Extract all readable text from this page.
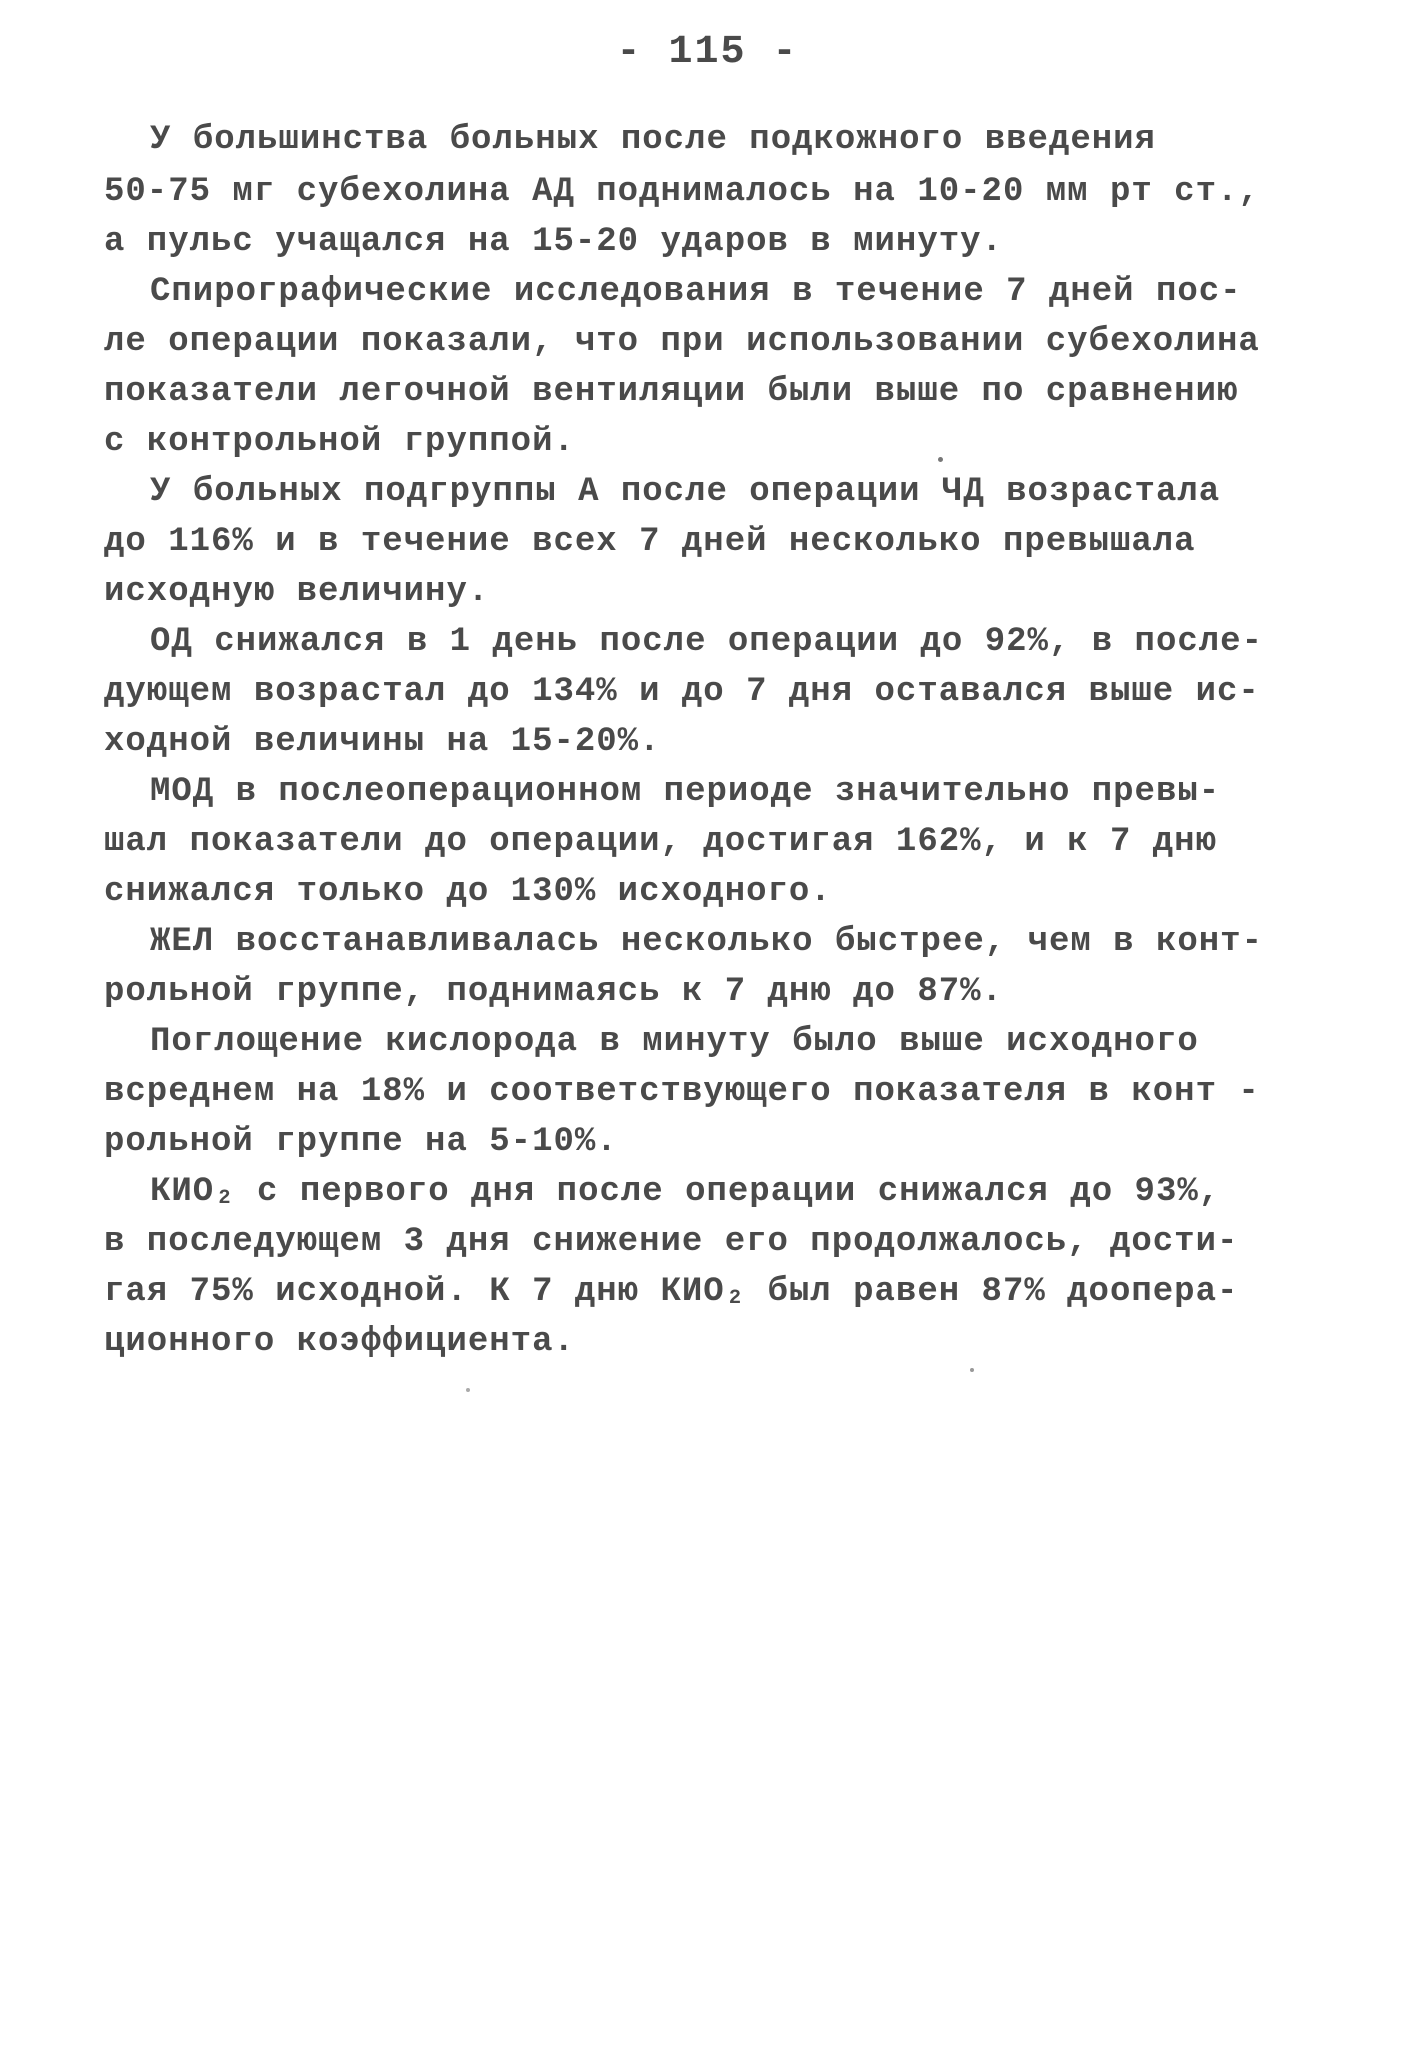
- 115 -
У большинства больных после подкожного введения
50-75 мг субехолина АД поднималось на 10-20 мм рт ст.,
а пульс учащался на 15-20 ударов в минуту.
Спирографические исследования в течение 7 дней пос-
ле операции показали, что при использовании субехолина
показатели легочной вентиляции были выше по сравнению
с контрольной группой.
У больных подгруппы А после операции ЧД возрастала
до 116% и в течение всех 7 дней несколько превышала
исходную величину.
ОД снижался в 1 день после операции до 92%, в после-
дующем возрастал до 134% и до 7 дня оставался выше ис-
ходной величины на 15-20%.
МОД в послеоперационном периоде значительно превы-
шал показатели до операции, достигая 162%, и к 7 дню
снижался только до 130% исходного.
ЖЕЛ восстанавливалась несколько быстрее, чем в конт-
рольной группе, поднимаясь к 7 дню до 87%.
Поглощение кислорода в минуту было выше исходного
всреднем на 18% и соответствующего показателя в конт -
рольной группе на 5-10%.
КИО₂ с первого дня после операции снижался до 93%,
в последующем 3 дня снижение его продолжалось, дости-
гая 75% исходной. К 7 дню КИО₂ был равен 87% доопера-
ционного коэффициента.
